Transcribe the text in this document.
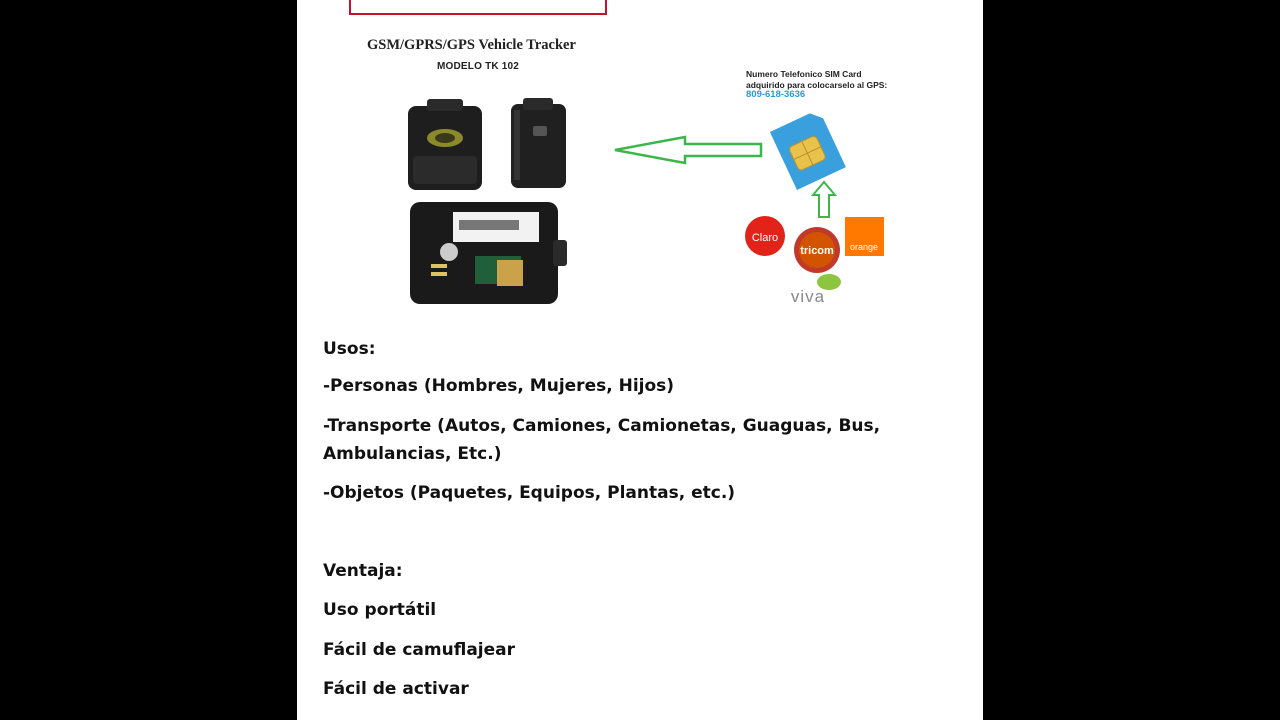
GSM/GPRS/GPS Vehicle Tracker
MODELO TK 102
Numero Telefonico SIM Card
adquirido para colocarselo al GPS:
809-618-3636
Claro
tricom orange
viva
Usos:
-Personas (Hombres, Mujeres, Hijos)
-Transporte (Autos, Camiones, Camionetas, Guaguas, Bus,
Ambulancias, Etc.)
-Objetos (Paquetes, Equipos, Plantas, etc.)
Ventaja:
Uso portátil
Fácil de camuflajear
Fácil de activar
